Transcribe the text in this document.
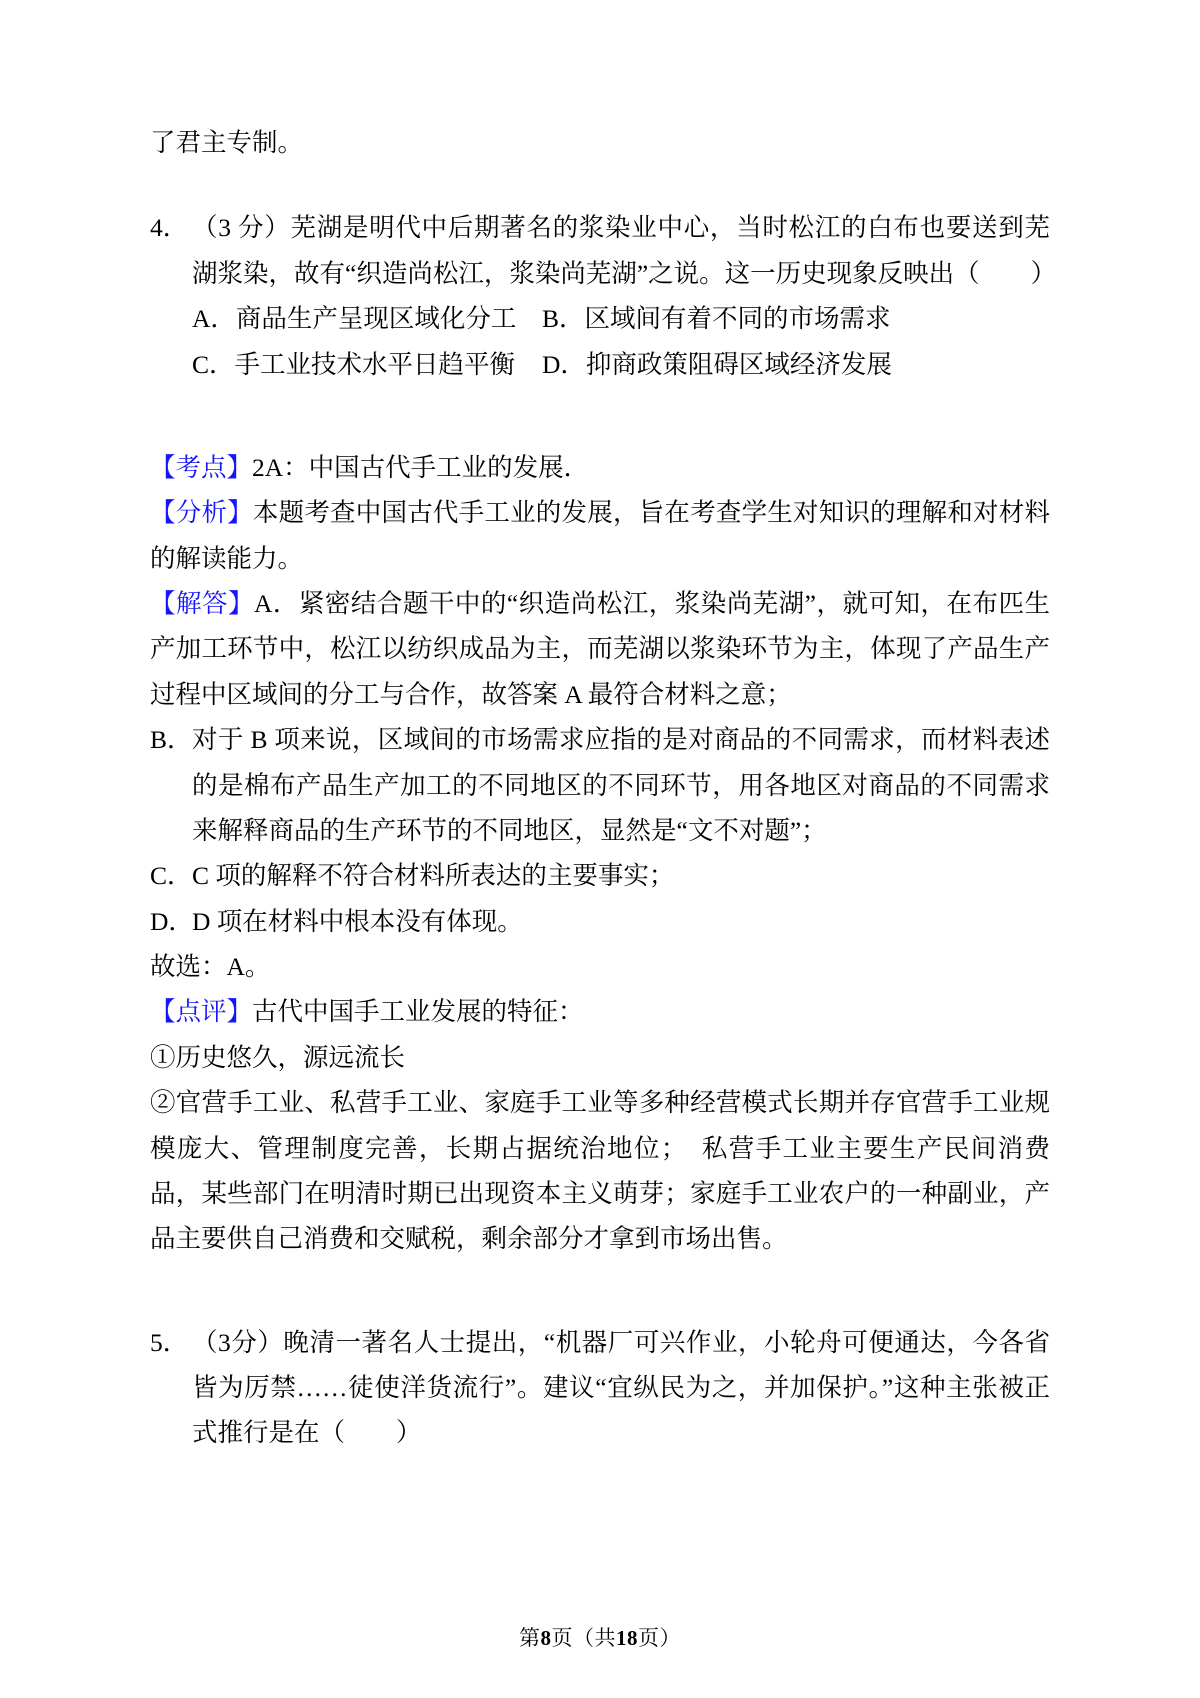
了君主专制。
4． （3 分）芜湖是明代中后期著名的浆染业中心，当时松江的白布也要送到芜湖浆染，故有“织造尚松江，浆染尚芜湖”之说。这一历史现象反映出（　　）
A．商品生产呈现区域化分工	B．区域间有着不同的市场需求
C．手工业技术水平日趋平衡	D．抑商政策阻碍区域经济发展
【考点】2A：中国古代手工业的发展．
【分析】本题考查中国古代手工业的发展，旨在考查学生对知识的理解和对材料的解读能力。
【解答】A．紧密结合题干中的“织造尚松江，浆染尚芜湖”，就可知，在布匹生产加工环节中，松江以纺织成品为主，而芜湖以浆染环节为主，体现了产品生产过程中区域间的分工与合作，故答案 A 最符合材料之意；
B． 对于 B 项来说，区域间的市场需求应指的是对商品的不同需求，而材料表述的是棉布产品生产加工的不同地区的不同环节，用各地区对商品的不同需求来解释商品的生产环节的不同地区，显然是“文不对题”；
C． C 项的解释不符合材料所表达的主要事实；
D．
D 项在材料中根本没有体现。
故选：A。
【点评】古代中国手工业发展的特征：
①历史悠久，源远流长
②官营手工业、私营手工业、家庭手工业等多种经营模式长期并存官营手工业规模庞大、管理制度完善，长期占据统治地位；　私营手工业主要生产民间消费品，某些部门在明清时期已出现资本主义萌芽；家庭手工业农户的一种副业，产品主要供自己消费和交赋税，剩余部分才拿到市场出售。
5． （3分）晚清一著名人士提出，“机器厂可兴作业，小轮舟可便通达，今各省皆为厉禁……徒使洋货流行”。建议“宜纵民为之，并加保护。”这种主张被正式推行是在（　　）
第8页（共18页）
